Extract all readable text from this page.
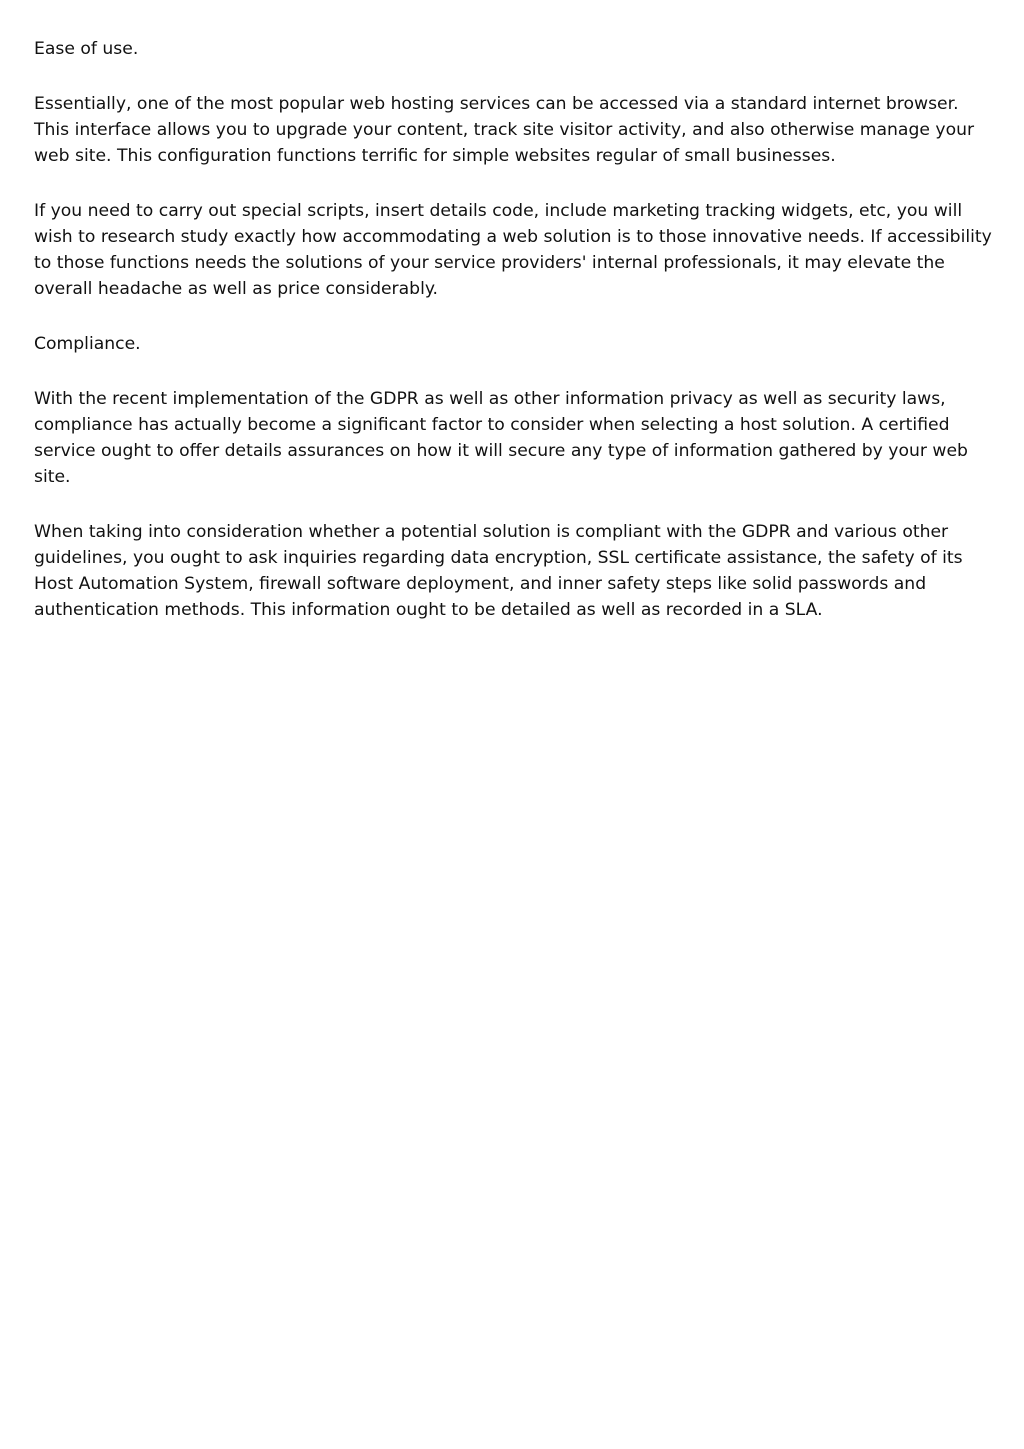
Ease of use.

Essentially, one of the most popular web hosting services can be accessed via a standard internet browser. This interface allows you to upgrade your content, track site visitor activity, and also otherwise manage your web site. This configuration functions terrific for simple websites regular of small businesses.

If you need to carry out special scripts, insert details code, include marketing tracking widgets, etc, you will wish to research study exactly how accommodating a web solution is to those innovative needs. If accessibility to those functions needs the solutions of your service providers' internal professionals, it may elevate the overall headache as well as price considerably.

Compliance.

With the recent implementation of the GDPR as well as other information privacy as well as security laws, compliance has actually become a significant factor to consider when selecting a host solution. A certified service ought to offer details assurances on how it will secure any type of information gathered by your web site.

When taking into consideration whether a potential solution is compliant with the GDPR and various other guidelines, you ought to ask inquiries regarding data encryption, SSL certificate assistance, the safety of its Host Automation System, firewall software deployment, and inner safety steps like solid passwords and authentication methods. This information ought to be detailed as well as recorded in a SLA.
